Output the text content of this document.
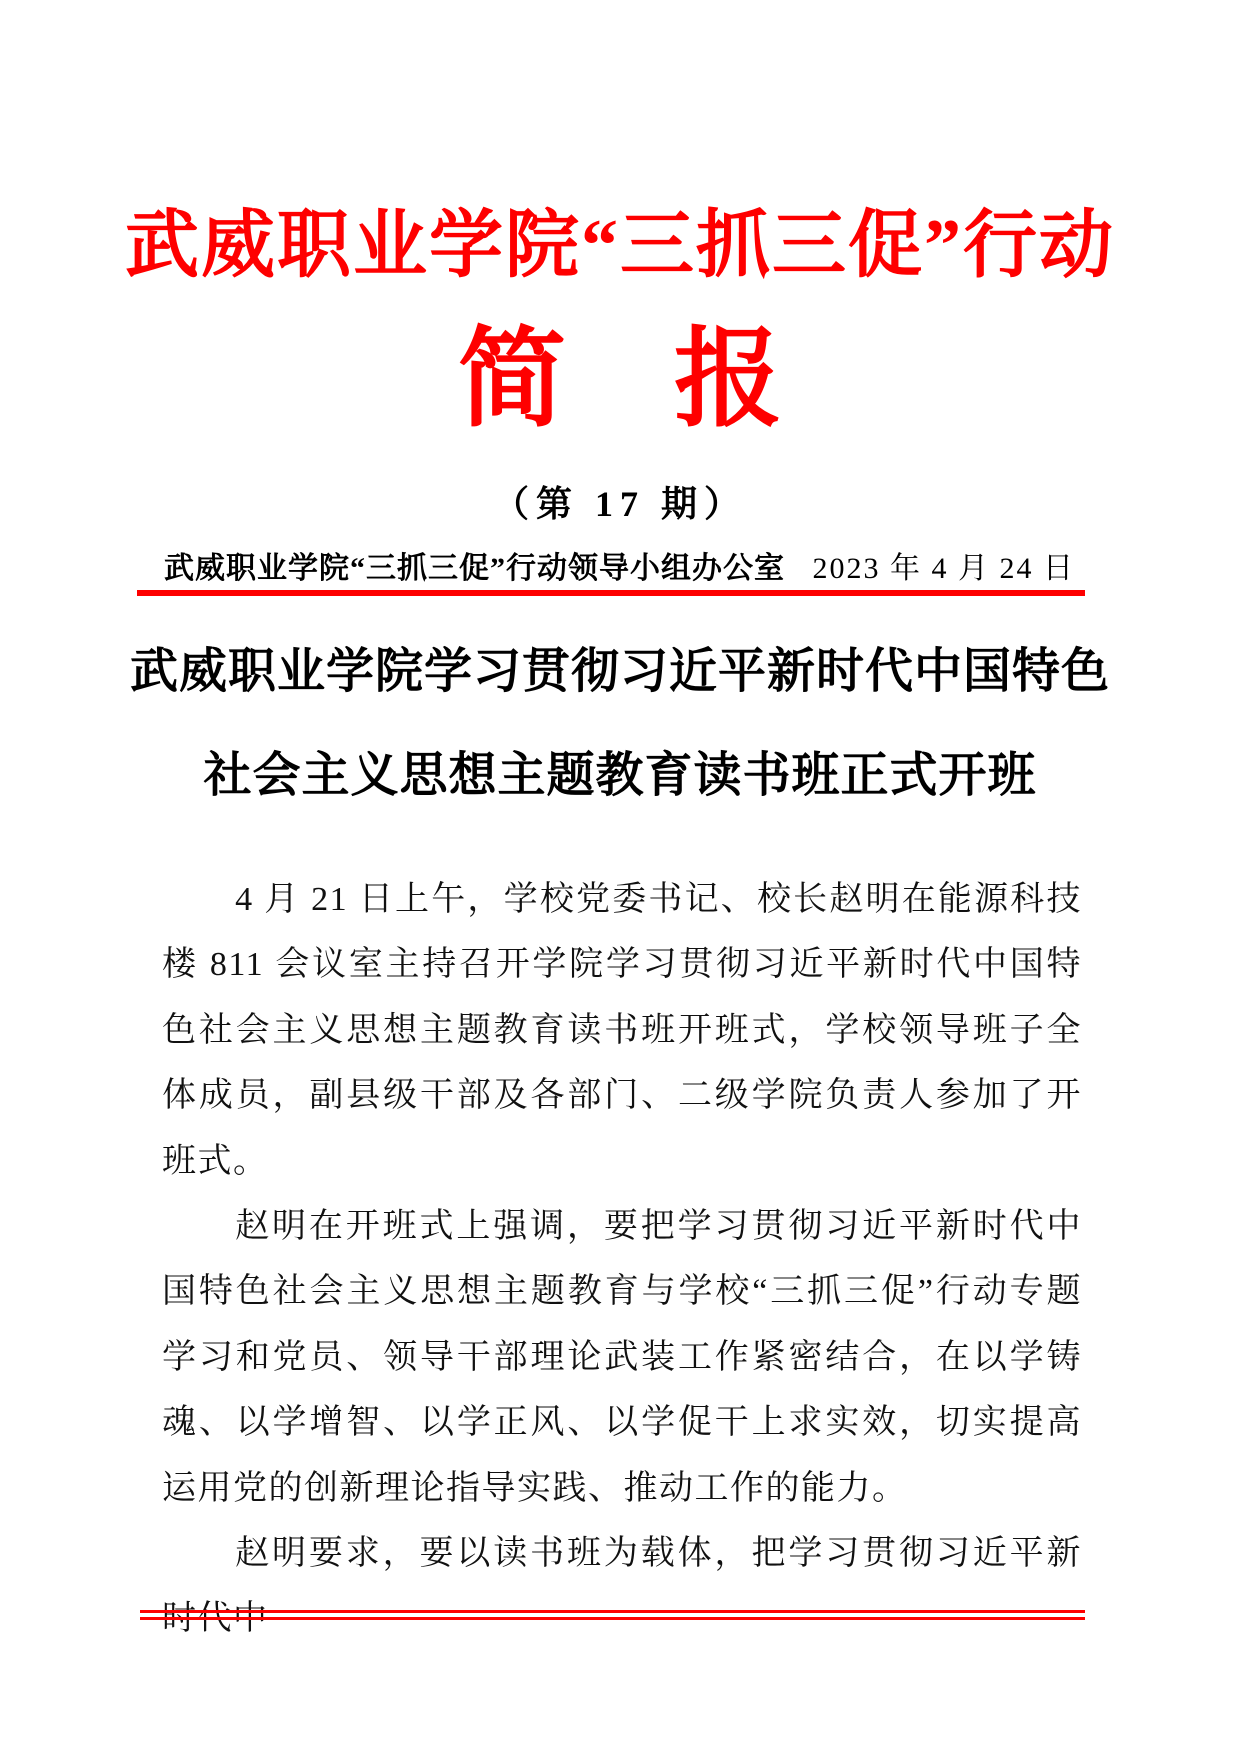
武威职业学院“三抓三促”行动
简　报
（第 17 期）
武威职业学院“三抓三促”行动领导小组办公室 2023 年 4 月 24 日
武威职业学院学习贯彻习近平新时代中国特色
社会主义思想主题教育读书班正式开班

4 月 21 日上午，学校党委书记、校长赵明在能源科技楼 811 会议室主持召开学院学习贯彻习近平新时代中国特色社会主义思想主题教育读书班开班式，学校领导班子全体成员，副县级干部及各部门、二级学院负责人参加了开班式。

赵明在开班式上强调，要把学习贯彻习近平新时代中国特色社会主义思想主题教育与学校“三抓三促”行动专题学习和党员、领导干部理论武装工作紧密结合，在以学铸魂、以学增智、以学正风、以学促干上求实效，切实提高运用党的创新理论指导实践、推动工作的能力。

赵明要求，要以读书班为载体，把学习贯彻习近平新时代中
